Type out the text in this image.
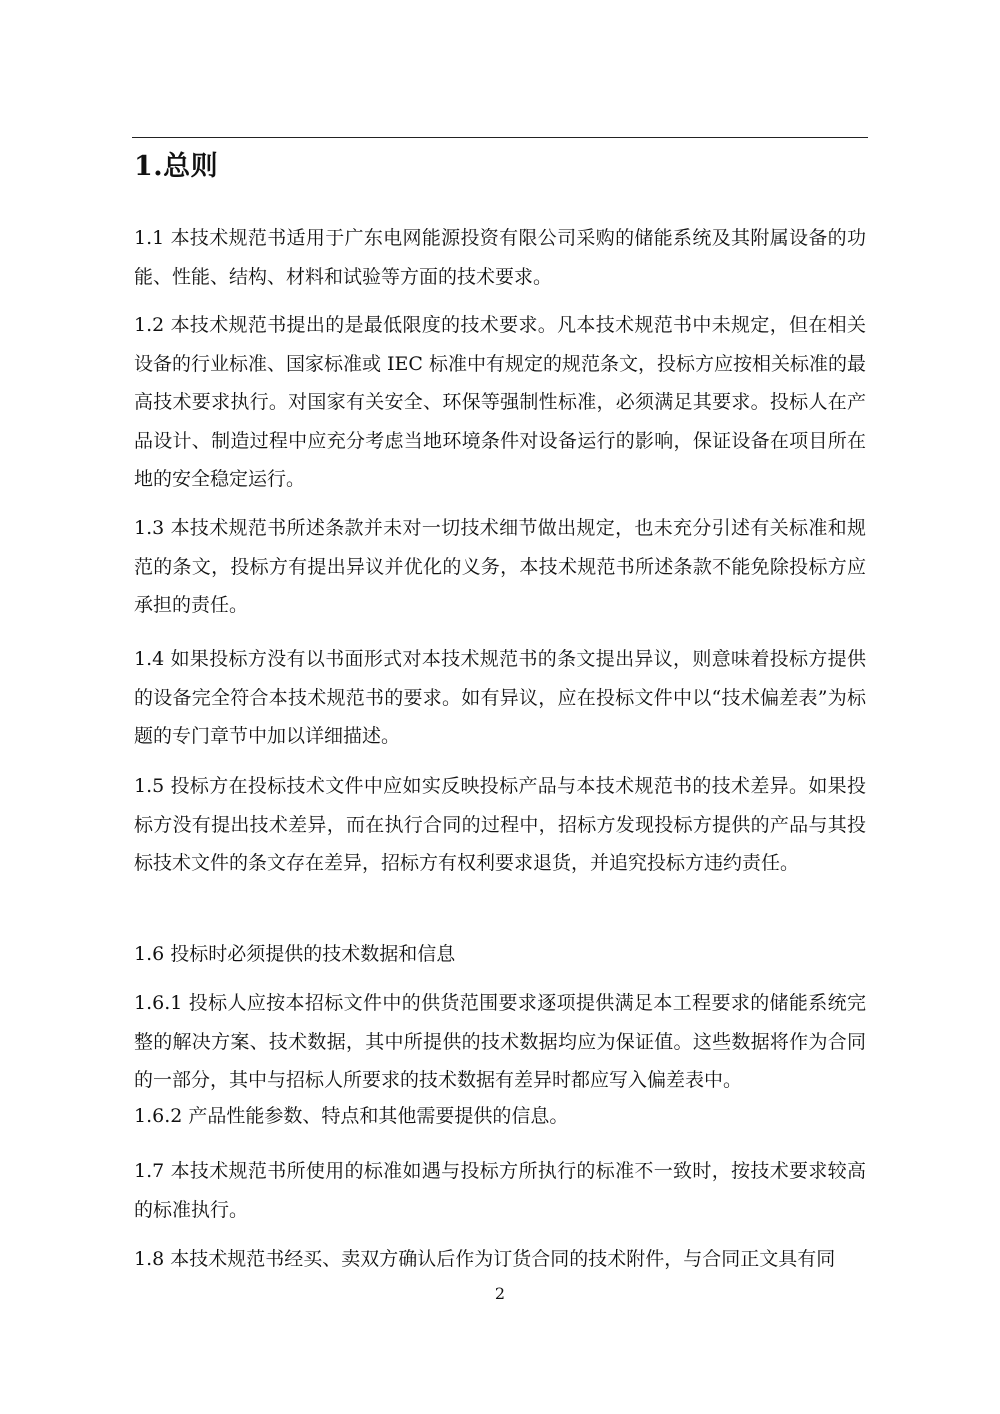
1.总则

1.1 本技术规范书适用于广东电网能源投资有限公司采购的储能系统及其附属设备的功能、性能、结构、材料和试验等方面的技术要求。

1.2 本技术规范书提出的是最低限度的技术要求。凡本技术规范书中未规定，但在相关设备的行业标准、国家标准或 IEC 标准中有规定的规范条文，投标方应按相关标准的最高技术要求执行。对国家有关安全、环保等强制性标准，必须满足其要求。投标人在产品设计、制造过程中应充分考虑当地环境条件对设备运行的影响，保证设备在项目所在地的安全稳定运行。

1.3 本技术规范书所述条款并未对一切技术细节做出规定，也未充分引述有关标准和规范的条文，投标方有提出异议并优化的义务，本技术规范书所述条款不能免除投标方应承担的责任。

1.4 如果投标方没有以书面形式对本技术规范书的条文提出异议，则意味着投标方提供的设备完全符合本技术规范书的要求。如有异议，应在投标文件中以“技术偏差表”为标题的专门章节中加以详细描述。

1.5 投标方在投标技术文件中应如实反映投标产品与本技术规范书的技术差异。如果投标方没有提出技术差异，而在执行合同的过程中，招标方发现投标方提供的产品与其投标技术文件的条文存在差异，招标方有权利要求退货，并追究投标方违约责任。

1.6 投标时必须提供的技术数据和信息

1.6.1 投标人应按本招标文件中的供货范围要求逐项提供满足本工程要求的储能系统完整的解决方案、技术数据，其中所提供的技术数据均应为保证值。这些数据将作为合同的一部分，其中与招标人所要求的技术数据有差异时都应写入偏差表中。

1.6.2 产品性能参数、特点和其他需要提供的信息。

1.7 本技术规范书所使用的标准如遇与投标方所执行的标准不一致时，按技术要求较高的标准执行。

1.8 本技术规范书经买、卖双方确认后作为订货合同的技术附件，与合同正文具有同

2
